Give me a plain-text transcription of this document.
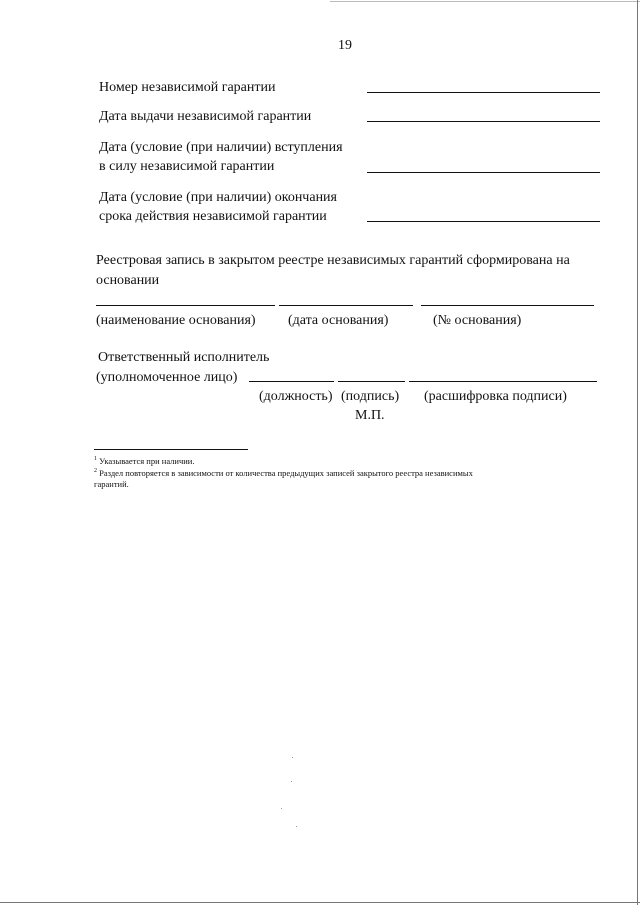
19
Номер независимой гарантии
Дата выдачи независимой гарантии
Дата (условие (при наличии) вступления
в силу независимой гарантии
Дата (условие (при наличии) окончания
срока действия независимой гарантии
Реестровая запись в закрытом реестре независимых гарантий сформирована на
основании
(наименование основания) (дата основания)	(№ основания)
Ответственный исполнитель
(уполномоченное лицо)
(должность) (подпись) (расшифровка подписи)
М.П.
$^1$ Указывается при наличии.
$^2$ Раздел повторяется в зависимости от количества предыдущих записей закрытого реестра независимых
гарантий.
